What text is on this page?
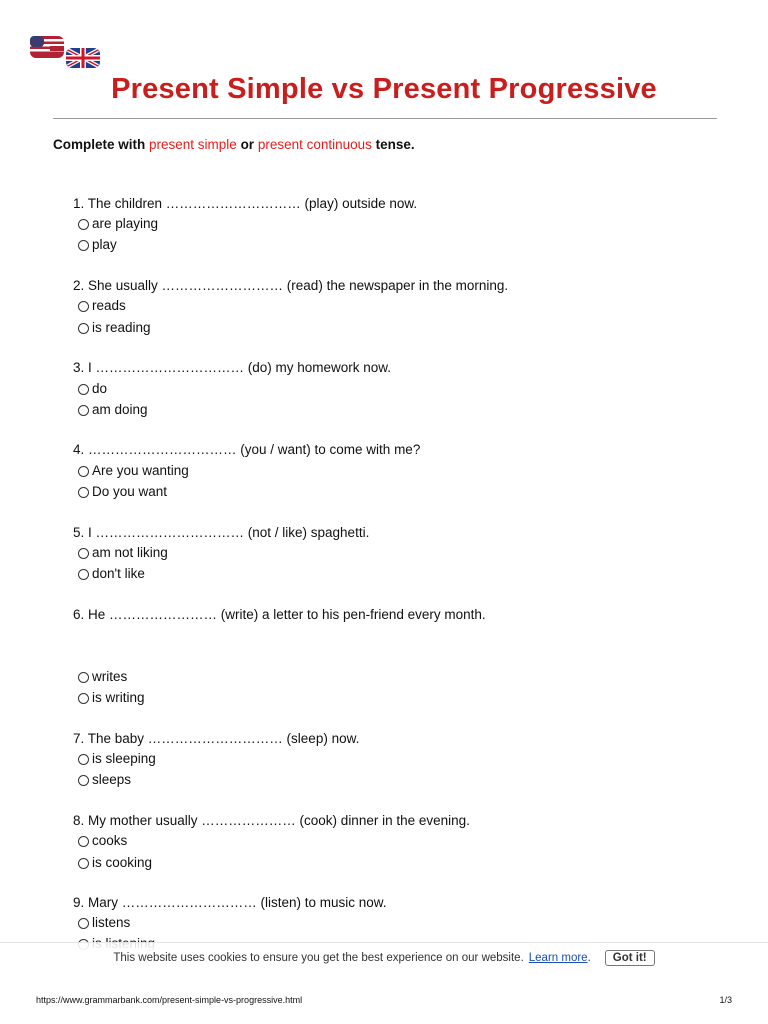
Present Simple vs Present Progressive
Complete with present simple or present continuous tense.
1. The children ………………………… (play) outside now.
are playing
play
2. She usually ……………………… (read) the newspaper in the morning.
reads
is reading
3. I …………………………… (do) my homework now.
do
am doing
4. …………………………… (you / want) to come with me?
Are you wanting
Do you want
5. I …………………………… (not / like) spaghetti.
am not liking
don't like
6. He …………………… (write) a letter to his pen-friend every month.
writes
is writing
7. The baby ………………………… (sleep) now.
is sleeping
sleeps
8. My mother usually ………………… (cook) dinner in the evening.
cooks
is cooking
9. Mary ………………………… (listen) to music now.
listens
This website uses cookies to ensure you get the best experience on our website. Learn more .	Got it!
https://www.grammarbank.com/present-simple-vs-progressive.html	1/3
